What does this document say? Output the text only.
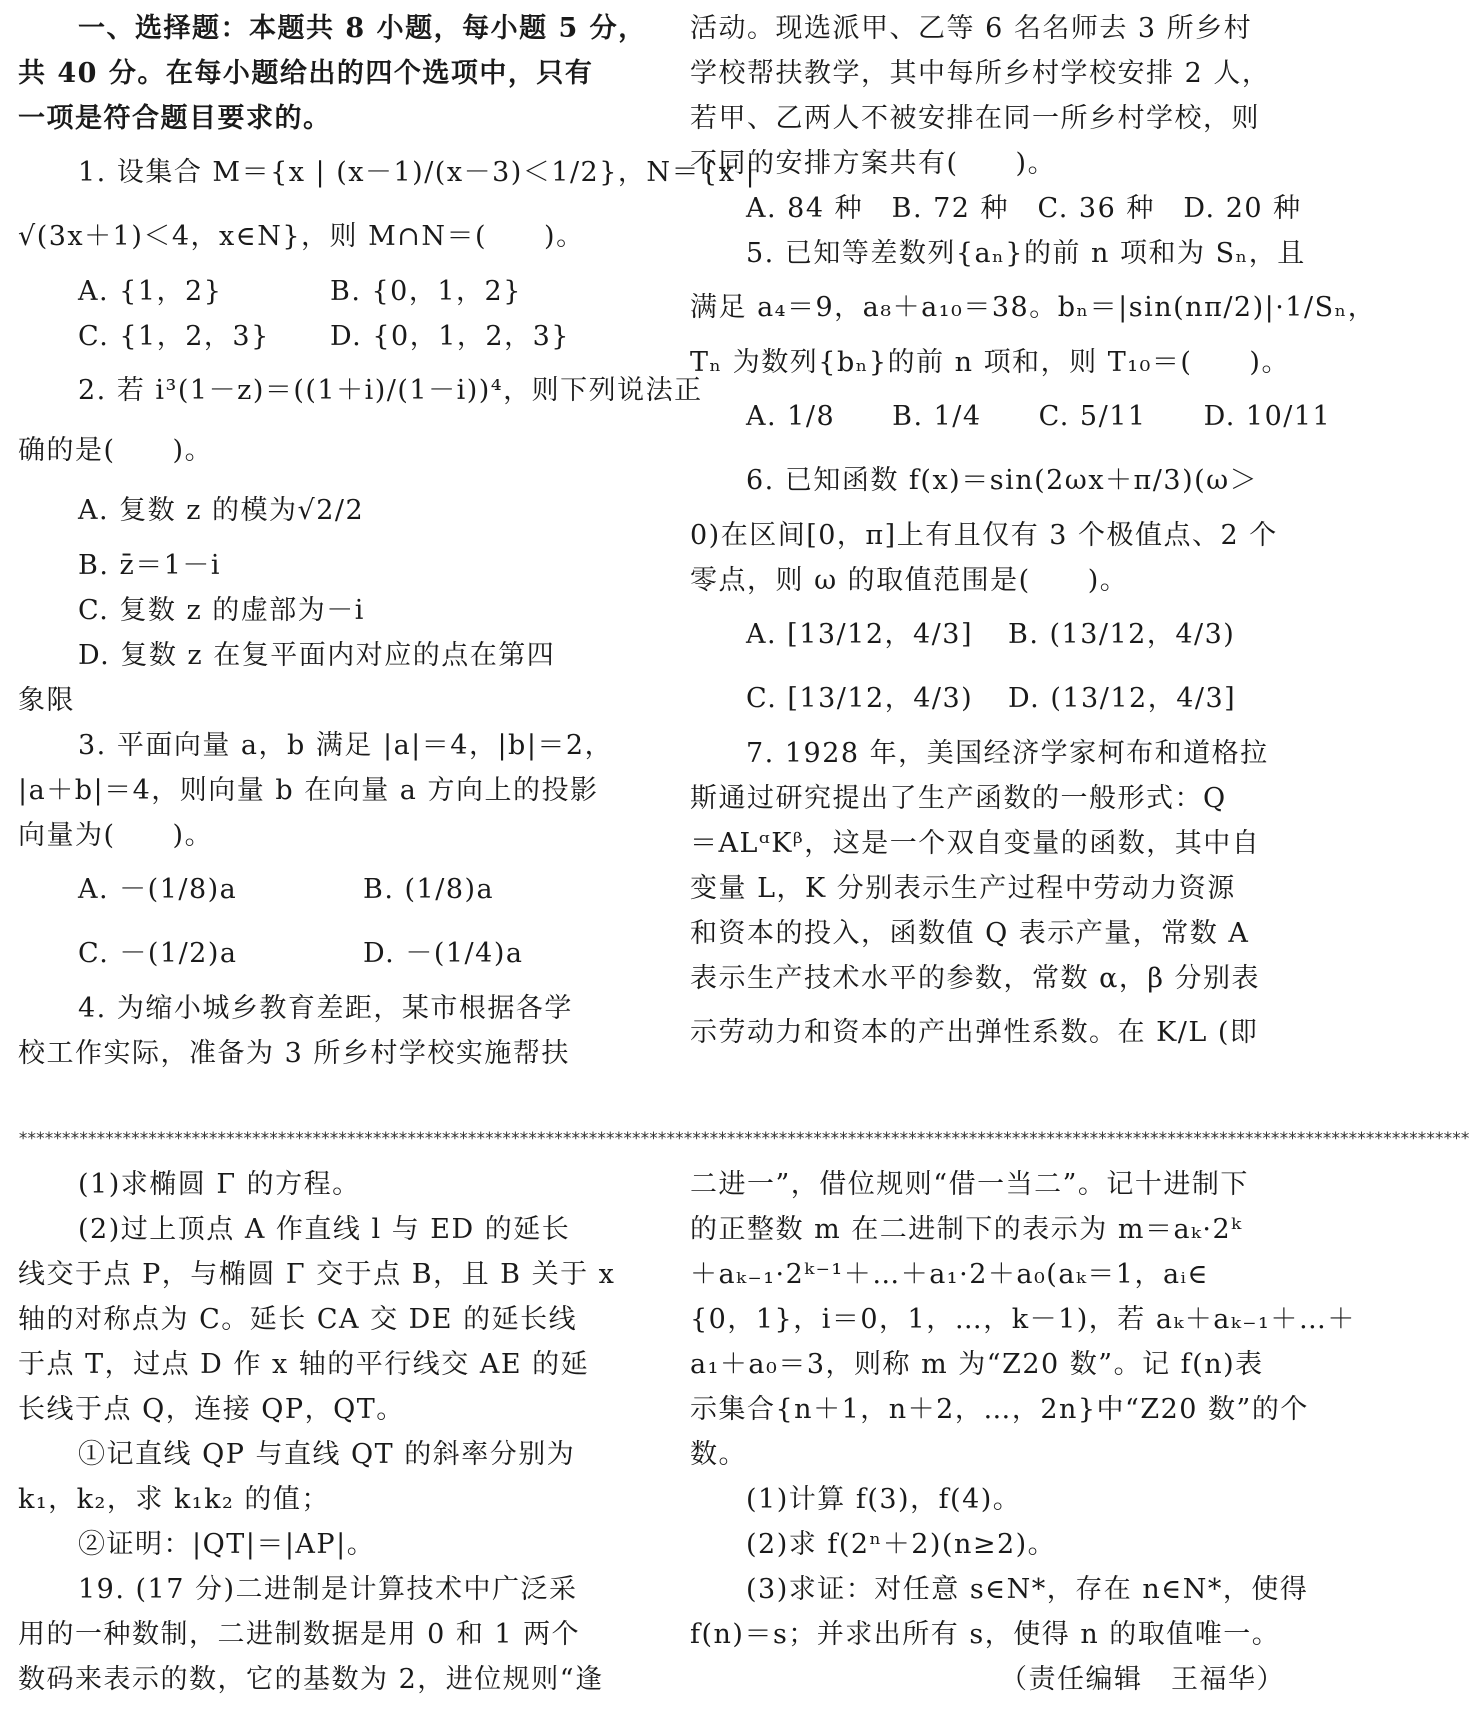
一、选择题：本题共 8 小题，每小题 5 分，
共 40 分。在每小题给出的四个选项中，只有
一项是符合题目要求的。
1. 设集合 M＝{x | (x－1)/(x－3)＜1/2}，N＝{x |
√(3x＋1)＜4，x∈N}，则 M∩N＝(　　)。
A. {1，2}	B. {0，1，2}
C. {1，2，3}	D. {0，1，2，3}
2. 若 i³(1－z)＝((1＋i)/(1－i))⁴，则下列说法正
确的是(　　)。
A. 复数 z 的模为√2/2
B. z̄＝1－i
C. 复数 z 的虚部为－i
D. 复数 z 在复平面内对应的点在第四
象限
3. 平面向量 a，b 满足 |a|＝4，|b|＝2，
|a＋b|＝4，则向量 b 在向量 a 方向上的投影
向量为(　　)。
A. －(1/8)a	B. (1/8)a
C. －(1/2)a	D. －(1/4)a
4. 为缩小城乡教育差距，某市根据各学
校工作实际，准备为 3 所乡村学校实施帮扶
活动。现选派甲、乙等 6 名名师去 3 所乡村
学校帮扶教学，其中每所乡村学校安排 2 人，
若甲、乙两人不被安排在同一所乡村学校，则
不同的安排方案共有(　　)。
A. 84 种　B. 72 种　C. 36 种　D. 20 种
5. 已知等差数列{aₙ}的前 n 项和为 Sₙ，且
满足 a₄＝9，a₈＋a₁₀＝38。bₙ＝|sin(nπ/2)|·1/Sₙ，
Tₙ 为数列{bₙ}的前 n 项和，则 T₁₀＝(　　)。
A. 1/8　　B. 1/4　　C. 5/11　　D. 10/11
6. 已知函数 f(x)＝sin(2ωx＋π/3)(ω＞
0)在区间[0，π]上有且仅有 3 个极值点、2 个
零点，则 ω 的取值范围是(　　)。
A. [13/12，4/3]	B. (13/12，4/3)
C. [13/12，4/3)	D. (13/12，4/3]
7. 1928 年，美国经济学家柯布和道格拉
斯通过研究提出了生产函数的一般形式：Q
＝ALᵅKᵝ，这是一个双自变量的函数，其中自
变量 L，K 分别表示生产过程中劳动力资源
和资本的投入，函数值 Q 表示产量，常数 A
表示生产技术水平的参数，常数 α，β 分别表
示劳动力和资本的产出弹性系数。在 K/L (即
************************************************************************************************************************************************************************
(1)求椭圆 Γ 的方程。
(2)过上顶点 A 作直线 l 与 ED 的延长
线交于点 P，与椭圆 Γ 交于点 B，且 B 关于 x
轴的对称点为 C。延长 CA 交 DE 的延长线
于点 T，过点 D 作 x 轴的平行线交 AE 的延
长线于点 Q，连接 QP，QT。
①记直线 QP 与直线 QT 的斜率分别为
k₁，k₂，求 k₁k₂ 的值；
②证明：|QT|＝|AP|。
19. (17 分)二进制是计算技术中广泛采
用的一种数制，二进制数据是用 0 和 1 两个
数码来表示的数，它的基数为 2，进位规则“逢
二进一”，借位规则“借一当二”。记十进制下
的正整数 m 在二进制下的表示为 m＝aₖ·2ᵏ
＋aₖ₋₁·2ᵏ⁻¹＋…＋a₁·2＋a₀(aₖ＝1，aᵢ∈
{0，1}，i＝0，1，…，k－1)，若 aₖ＋aₖ₋₁＋…＋
a₁＋a₀＝3，则称 m 为“Z20 数”。记 f(n)表
示集合{n＋1，n＋2，…，2n}中“Z20 数”的个
数。
(1)计算 f(3)，f(4)。
(2)求 f(2ⁿ＋2)(n≥2)。
(3)求证：对任意 s∈N*，存在 n∈N*，使得
f(n)＝s；并求出所有 s，使得 n 的取值唯一。
（责任编辑　王福华）
